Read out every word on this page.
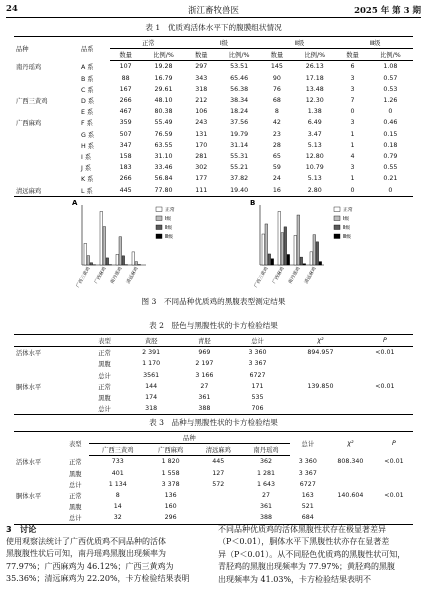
24	浙江畜牧兽医	2025 年 第 3 期
表 1　优质鸡活体水平下的腹膜组状情况
品种	品系	正常		Ⅰ级		Ⅱ级		Ⅲ级	
		数量	比例/%	数量	比例/%	数量	比例/%	数量	比例/%
南丹瑶鸡	A 系	107	19.28	297	53.51	145	26.13	6	1.08
	B 系	88	16.79	343	65.46	90	17.18	3	0.57
	C 系	167	29.61	318	56.38	76	13.48	3	0.53
广西三黄鸡	D 系	266	48.10	212	38.34	68	12.30	7	1.26
	E 系	467	80.38	106	18.24	8	1.38	0	0
广西麻鸡	F 系	359	55.49	243	37.56	42	6.49	3	0.46
	G 系	507	76.59	131	19.79	23	3.47	1	0.15
	H 系	347	63.55	170	31.14	28	5.13	1	0.18
	I 系	158	31.10	281	55.31	65	12.80	4	0.79
	J 系	183	33.46	302	55.21	59	10.79	3	0.55
	K 系	266	56.84	177	37.82	24	5.13	1	0.21
清远麻鸡	L 系	445	77.80	111	19.40	16	2.80	0	0
A
广西三黄鸡 广西麻鸡 南丹瑶鸡 清远麻鸡
正常
Ⅰ级
Ⅱ级
Ⅲ级
B
广西三黄鸡 广西麻鸡 南丹瑶鸡 清远麻鸡
正常
Ⅰ级
Ⅱ级
Ⅲ级
图 3　不同品种优质鸡的黑腹表型测定结果
表 2　胫色与黑腹性状的卡方检验结果
	表型	黄胫	青胫	总计	χ²	P
活体水平	正常	2 391	969	3 360	894.957	<0.01
	黑腹	1 170	2 197	3 367		
	总计	3561	3 166	6727		
胴体水平	正常	144	27	171	139.850	<0.01
	黑腹	174	361	535		
	总计	318	388	706		
表 3　品种与黑腹性状的卡方检验结果
	表型	品种				总计	χ²	P
		广西三黄鸡	广西麻鸡	清远麻鸡	南丹瑶鸡			
活体水平	正常	733	1 820	445	362	3 360	808.340	<0.01
	黑腹	401	1 558	127	1 281	3 367		
	总计	1 134	3 378	572	1 643	6727		
胴体水平	正常	8	136		27	163	140.604	<0.01
	黑腹	14	160		361	521		
	总计	32	296		388	684		
3　讨论
使用观察法统计了广西优质鸡不同品种的活体
黑腹腹性状后可知，南丹瑶鸡黑腹出现频率为
77.97%；广西麻鸡为 46.12%；广西三黄鸡为
35.36%；清远麻鸡为 22.20%，卡方检验结果表明
不同品种优质鸡的活体黑腹性状存在极显著差异
（P＜0.01），胴体水平下黑腹性状亦存在显著差
异（P＜0.01）。从不同胫色优质鸡的黑腹性状可知，
青胫鸡的黑腹出现频率为 77.97%；黄胫鸡的黑腹
出现频率为 41.03%，卡方检验结果表明不
